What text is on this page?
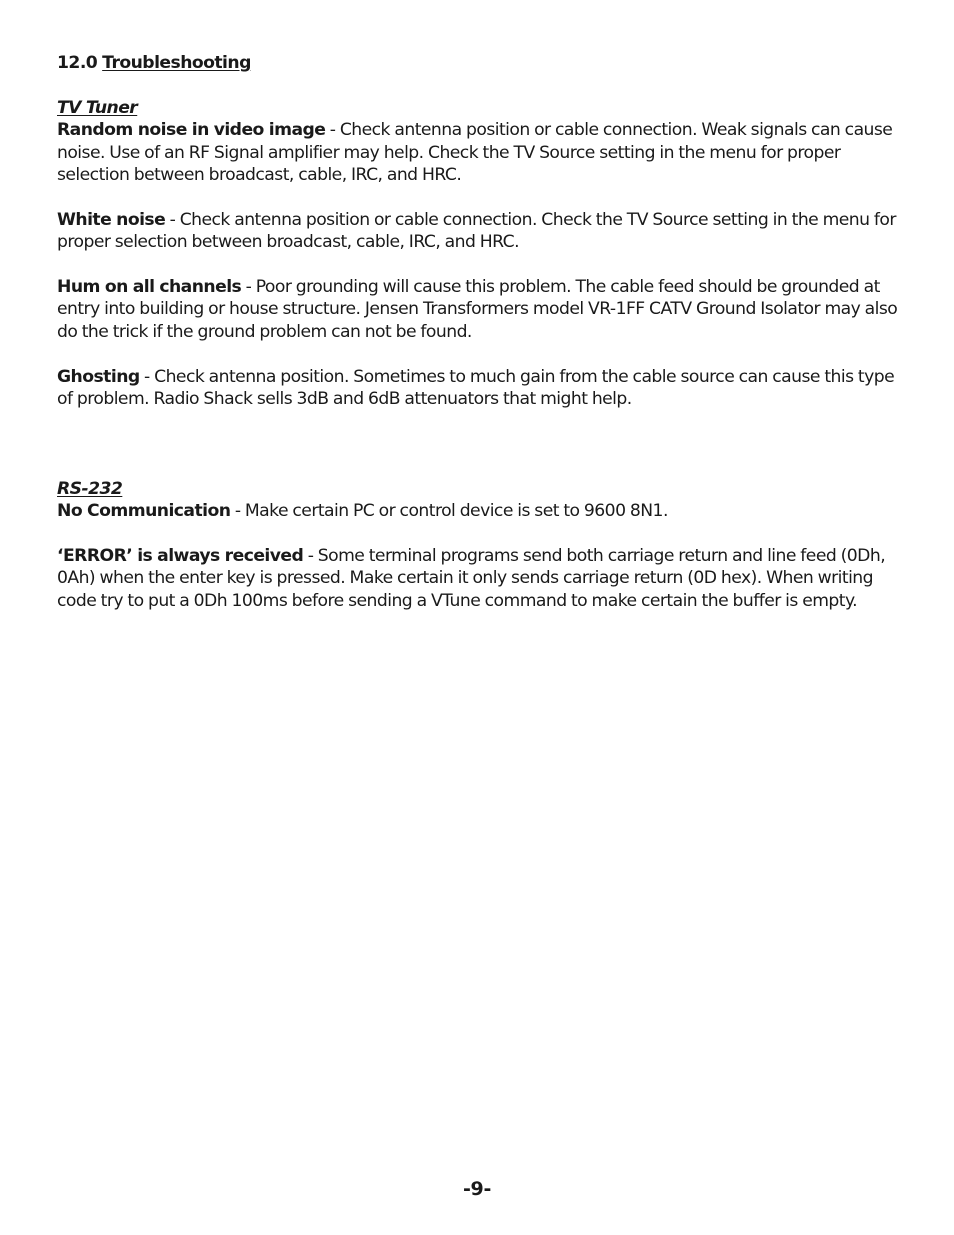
12.0 Troubleshooting
TV Tuner

Random noise in video image - Check antenna position or cable connection. Weak signals can cause noise. Use of an RF Signal amplifier may help. Check the TV Source setting in the menu for proper selection between broadcast, cable, IRC, and HRC.

White noise - Check antenna position or cable connection. Check the TV Source setting in the menu for proper selection between broadcast, cable, IRC, and HRC.

Hum on all channels - Poor grounding will cause this problem. The cable feed should be grounded at entry into building or house structure. Jensen Transformers model VR-1FF CATV Ground Isolator may also do the trick if the ground problem can not be found.

Ghosting - Check antenna position. Sometimes to much gain from the cable source can cause this type of problem. Radio Shack sells 3dB and 6dB attenuators that might help.

RS-232

No Communication - Make certain PC or control device is set to 9600 8N1.

‘ERROR’ is always received - Some terminal programs send both carriage return and line feed (0Dh, 0Ah) when the enter key is pressed. Make certain it only sends carriage return (0D hex). When writing code try to put a 0Dh 100ms before sending a VTune command to make certain the buffer is empty.

-9-
